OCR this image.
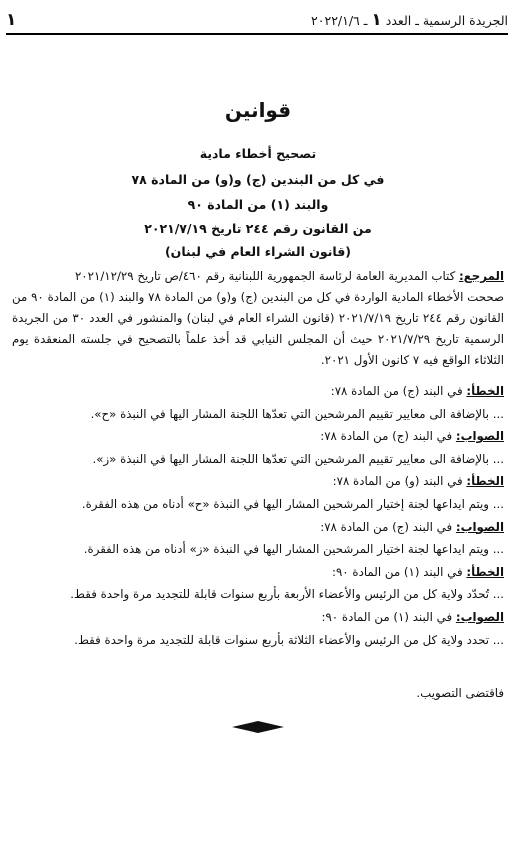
الجريدة الرسمية ـ العدد ١ ـ ٢٠٢٢/١/٦
١
قوانين
تصحيح أخطاء مادية
في كل من البندين (ج) و(و) من المادة ٧٨
والبند (١) من المادة ٩٠
من القانون رقم ٢٤٤ تاريخ ٢٠٢١/٧/١٩
(قانون الشراء العام في لبنان)

المرجع: كتاب المديرية العامة لرئاسة الجمهورية اللبنانية رقم ٤٦٠/ص تاريخ ٢٠٢١/١٢/٢٩

صححت الأخطاء المادية الواردة في كل من البندين (ج) و(و) من المادة ٧٨ والبند (١) من المادة ٩٠ من القانون رقم ٢٤٤ تاريخ ٢٠٢١/٧/١٩ (قانون الشراء العام في لبنان) والمنشور في العدد ٣٠ من الجريدة الرسمية تاريخ ٢٠٢١/٧/٢٩ حيث أن المجلس النيابي قد أخذ علماً بالتصحيح في جلسته المنعقدة يوم الثلاثاء الواقع فيه ٧ كانون الأول ٢٠٢١.

الخطأ: في البند (ج) من المادة ٧٨:
... بالإضافة الى معايير تقييم المرشحين التي تعدّها اللجنة المشار اليها في النبذة «ح».
الصواب: في البند (ج) من المادة ٧٨:
... بالإضافة الى معايير تقييم المرشحين التي تعدّها اللجنة المشار اليها في النبذة «ز».
الخطأ: في البند (و) من المادة ٧٨:
... ويتم ايداعها لجنة إختيار المرشحين المشار اليها في النبذة «ح» أدناه من هذه الفقرة.
الصواب: في البند (ج) من المادة ٧٨:
... ويتم ايداعها لجنة اختيار المرشحين المشار اليها في النبذة «ز» أدناه من هذه الفقرة.
الخطأ: في البند (١) من المادة ٩٠:
... تُحدّد ولاية كل من الرئيس والأعضاء الأربعة بأربع سنوات قابلة للتجديد مرة واحدة فقط.
الصواب: في البند (١) من المادة ٩٠:
... تحدد ولاية كل من الرئيس والأعضاء الثلاثة بأربع سنوات قابلة للتجديد مرة واحدة فقط.
فاقتضى التصويب.
